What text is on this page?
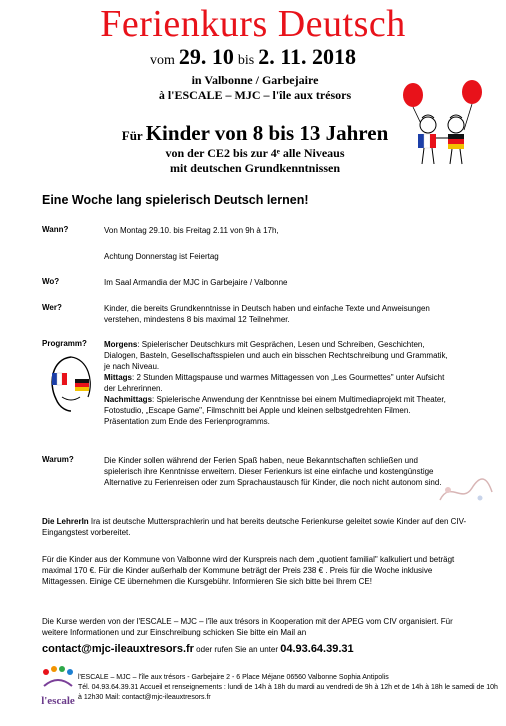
Ferienkurs Deutsch
vom 29. 10 bis 2. 11. 2018
in Valbonne / Garbejaire
à l'ESCALE – MJC – l'île aux trésors
Für Kinder von 8 bis 13 Jahren
von der CE2 bis zur 4ᵉ alle Niveaus
mit deutschen Grundkenntnissen
Eine Woche lang spielerisch Deutsch lernen!
Wann?	Von Montag 29.10. bis Freitag 2.11 von 9h à 17h,
Achtung Donnerstag ist Feiertag
Wo?	Im Saal Armandia der MJC in Garbejaire / Valbonne
Wer?	Kinder, die bereits Grundkenntnisse in Deutsch haben und einfache Texte und Anweisungen verstehen, mindestens 8 bis maximal 12 Teilnehmer.
Programm? Morgens: Spielerischer Deutschkurs mit Gesprächen, Lesen und Schreiben, Geschichten, Dialogen, Basteln, Gesellschaftsspielen und auch ein bisschen Rechtschreibung und Grammatik, je nach Niveau.
Mittags: 2 Stunden Mittagspause und warmes Mittagessen von „Les Gourmettes" unter Aufsicht der Lehrerinnen.
Nachmittags: Spielerische Anwendung der Kenntnisse bei einem Multimediaprojekt mit Theater, Fotostudio, „Escape Game", Filmschnitt bei Apple und kleinen selbstgedrehten Filmen. Präsentation zum Ende des Ferienprogramms.
Warum?	Die Kinder sollen während der Ferien Spaß haben, neue Bekanntschaften schließen und spielerisch ihre Kenntnisse erweitern. Dieser Ferienkurs ist eine einfache und kostengünstige Alternative zu Ferienreisen oder zum Sprachaustausch für Kinder, die noch nicht autonom sind.
Die LehrerIn Ira ist deutsche Muttersprachlerin und hat bereits deutsche Ferienkurse geleitet sowie Kinder auf den CIV-Eingangstest vorbereitet.
Für die Kinder aus der Kommune von Valbonne wird der Kurspreis nach dem „quotient familial" kalkuliert und beträgt maximal 170 €. Für die Kinder außerhalb der Kommune beträgt der Preis 238 € . Preis für die Woche inklusive Mittagessen. Einige CE übernehmen die Kursgebühr. Informieren Sie sich bitte bei Ihrem CE!
Die Kurse werden von der l'ESCALE – MJC – l'île aux trésors in Kooperation mit der APEG vom CIV organisiert. Für weitere Informationen und zur Einschreibung schicken Sie bitte ein Mail an
contact@mjc-ileauxtresors.fr oder rufen Sie an unter 04.93.64.39.31
l'escale
l'ESCALE – MJC – l'île aux trésors - Garbejaire 2 - 6 Place Méjane 06560 Valbonne Sophia Antipolis
Tél. 04.93.64.39.31 Accueil et renseignements : lundi de 14h à 18h du mardi au vendredi de 9h à 12h et de 14h à 18h le samedi de 10h à 12h30 Mail: contact@mjc-ileauxtresors.fr
